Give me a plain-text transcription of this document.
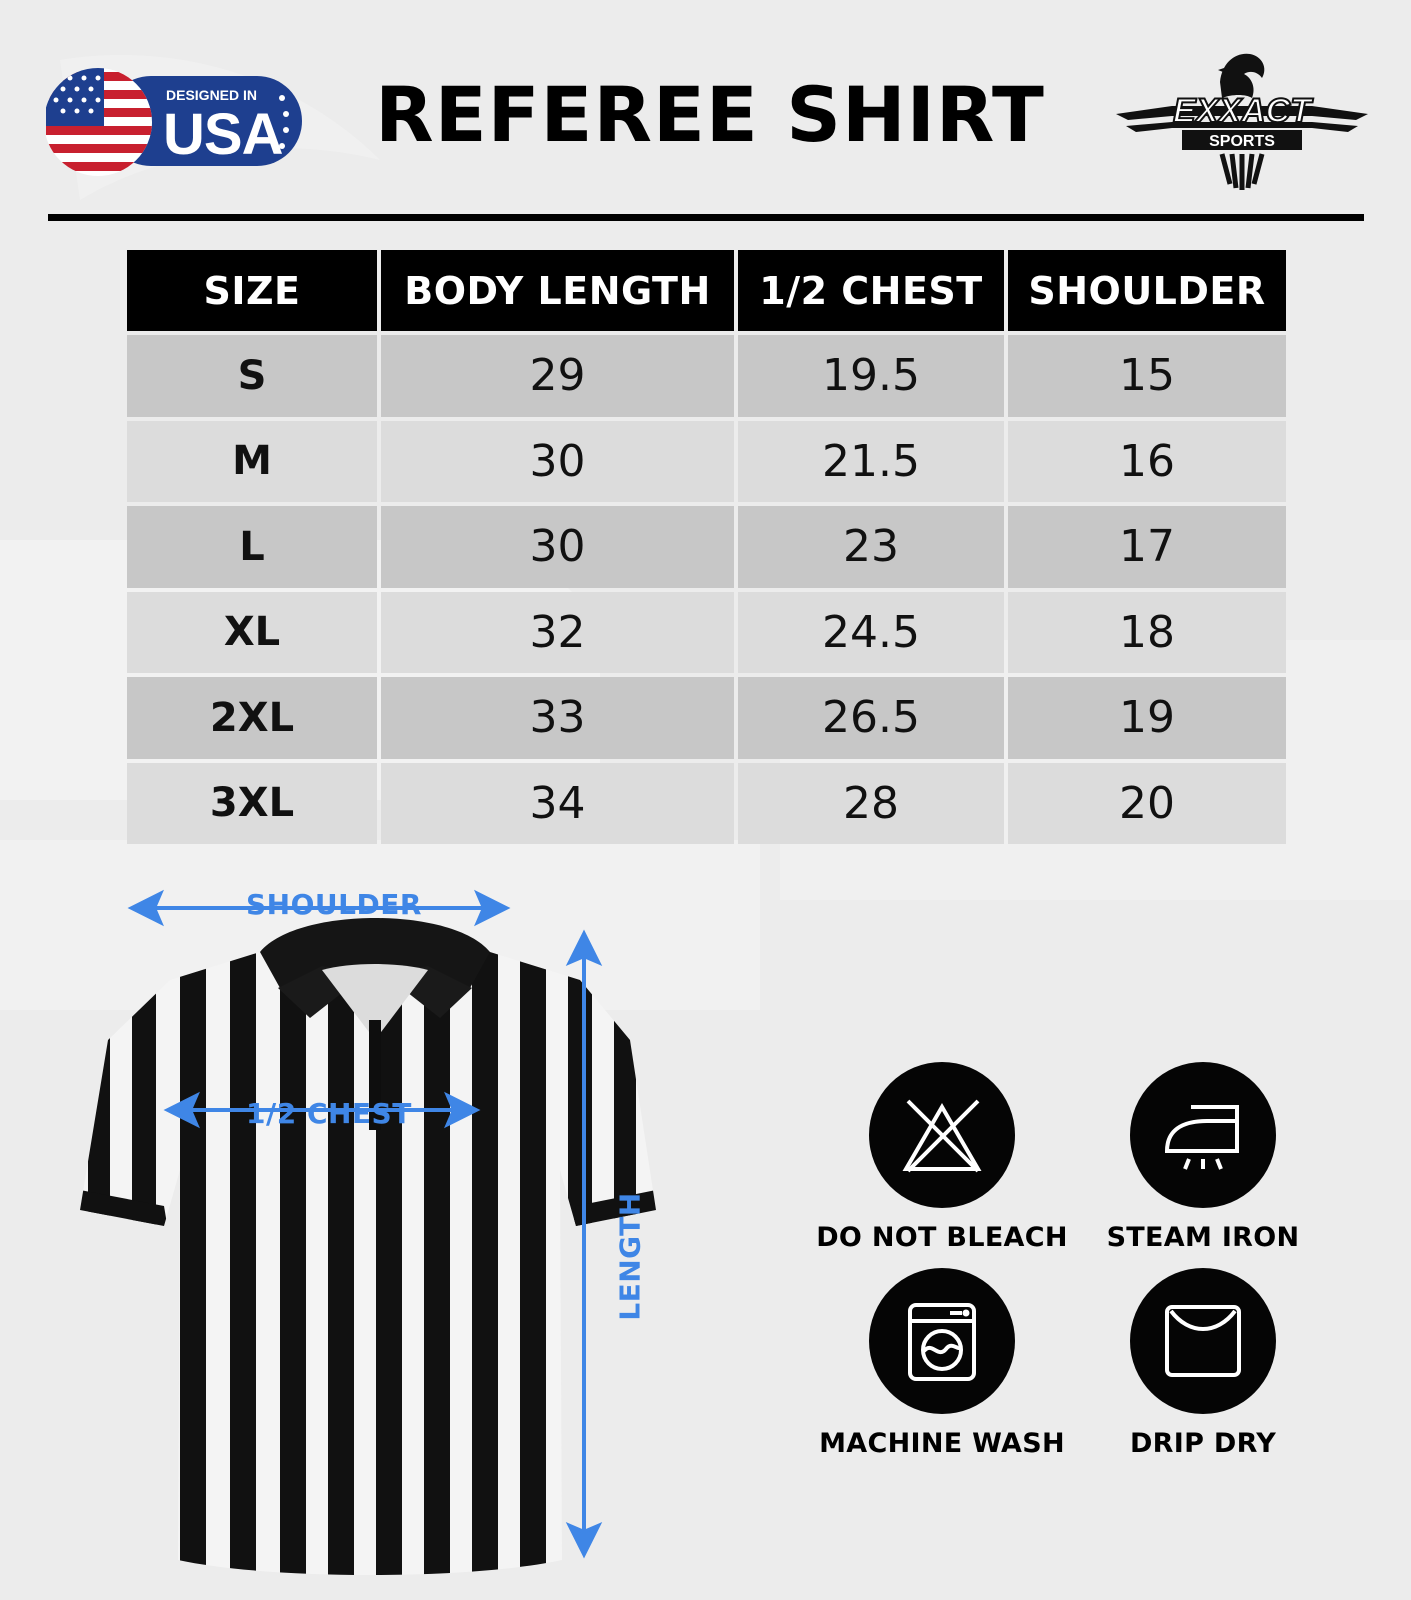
DESIGNED IN
USA REFEREE SHIRT	EXXACT
SPORTS
SIZE	BODY LENGTH	1/2 CHEST	SHOULDER
S	29	19.5	15
M	30	21.5	16
L	30	23	17
XL	32	24.5	18
2XL	33	26.5	19
3XL	34	28	20
SHOULDER
1/2 CHEST
LENGTH	DO NOT BLEACH	STEAM IRON
MACHINE WASH	DRIP DRY
